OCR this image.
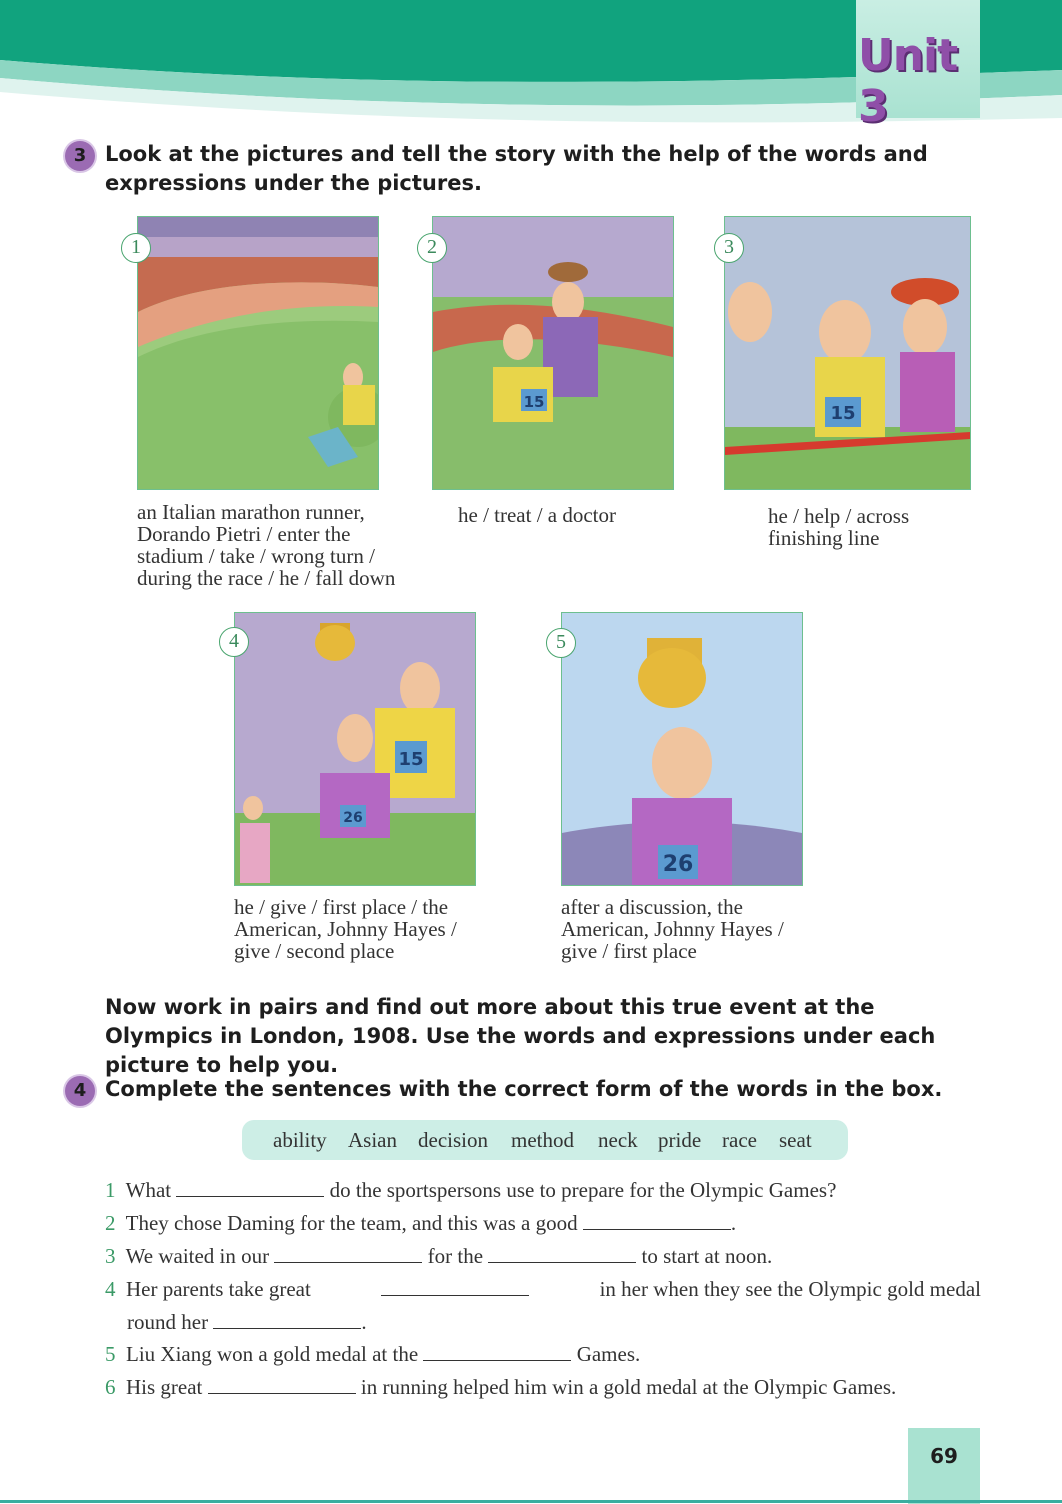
Unit 3
3 Look at the pictures and tell the story with the help of the words and expressions under the pictures.
1
15
2
15
3
an Italian marathon runner,
Dorando Pietri / enter the
stadium / take / wrong turn /
during the race / he / fall down
he / treat / a doctor	he / help / across
finishing line
15
26
4
26
5
he / give / first place / the
American, Johnny Hayes /
give / second place
after a discussion, the
American, Johnny Hayes /
give / first place
Now work in pairs and find out more about this true event at the Olympics in London, 1908. Use the words and expressions under each picture to help you.
4 Complete the sentences with the correct form of the words in the box.
ability Asian decision method neck pride race seat
1 What	do the sportspersons use to prepare for the Olympic Games?
2 They chose Daming for the team, and this was a good	.
3 We waited in our	for the	to start at noon.
4 Her parents take great	in her when they see the Olympic gold medal
round her	.
5 Liu Xiang won a gold medal at the	Games.
6 His great	in running helped him win a gold medal at the Olympic Games.
69
